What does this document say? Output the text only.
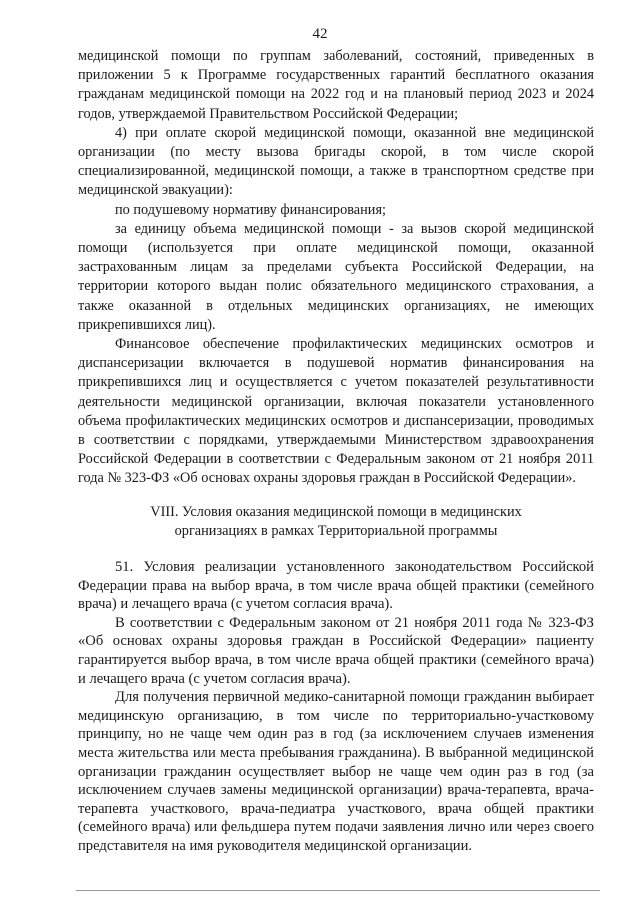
42

медицинской помощи по группам заболеваний, состояний, приведенных в приложении 5 к Программе государственных гарантий бесплатного оказания гражданам медицинской помощи на 2022 год и на плановый период 2023 и 2024 годов, утверждаемой Правительством Российской Федерации;

4) при оплате скорой медицинской помощи, оказанной вне медицинской организации (по месту вызова бригады скорой, в том числе скорой специализированной, медицинской помощи, а также в транспортном средстве при медицинской эвакуации):

по подушевому нормативу финансирования;

за единицу объема медицинской помощи - за вызов скорой медицинской помощи (используется при оплате медицинской помощи, оказанной застрахованным лицам за пределами субъекта Российской Федерации, на территории которого выдан полис обязательного медицинского страхования, а также оказанной в отдельных медицинских организациях, не имеющих прикрепившихся лиц).

Финансовое обеспечение профилактических медицинских осмотров и диспансеризации включается в подушевой норматив финансирования на прикрепившихся лиц и осуществляется с учетом показателей результативности деятельности медицинской организации, включая показатели установленного объема профилактических медицинских осмотров и диспансеризации, проводимых в соответствии с порядками, утверждаемыми Министерством здравоохранения Российской Федерации в соответствии с Федеральным законом от 21 ноября 2011 года № 323-ФЗ «Об основах охраны здоровья граждан в Российской Федерации».

VIII. Условия оказания медицинской помощи в медицинских
организациях в рамках Территориальной программы

51. Условия реализации установленного законодательством Российской Федерации права на выбор врача, в том числе врача общей практики (семейного врача) и лечащего врача (с учетом согласия врача).

В соответствии с Федеральным законом от 21 ноября 2011 года № 323-ФЗ «Об основах охраны здоровья граждан в Российской Федерации» пациенту гарантируется выбор врача, в том числе врача общей практики (семейного врача) и лечащего врача (с учетом согласия врача).

Для получения первичной медико-санитарной помощи гражданин выбирает медицинскую организацию, в том числе по территориально-участковому принципу, но не чаще чем один раз в год (за исключением случаев изменения места жительства или места пребывания гражданина). В выбранной медицинской организации гражданин осуществляет выбор не чаще чем один раз в год (за исключением случаев замены медицинской организации) врача-терапевта, врача-терапевта участкового, врача-педиатра участкового, врача общей практики (семейного врача) или фельдшера путем подачи заявления лично или через своего представителя на имя руководителя медицинской организации.
